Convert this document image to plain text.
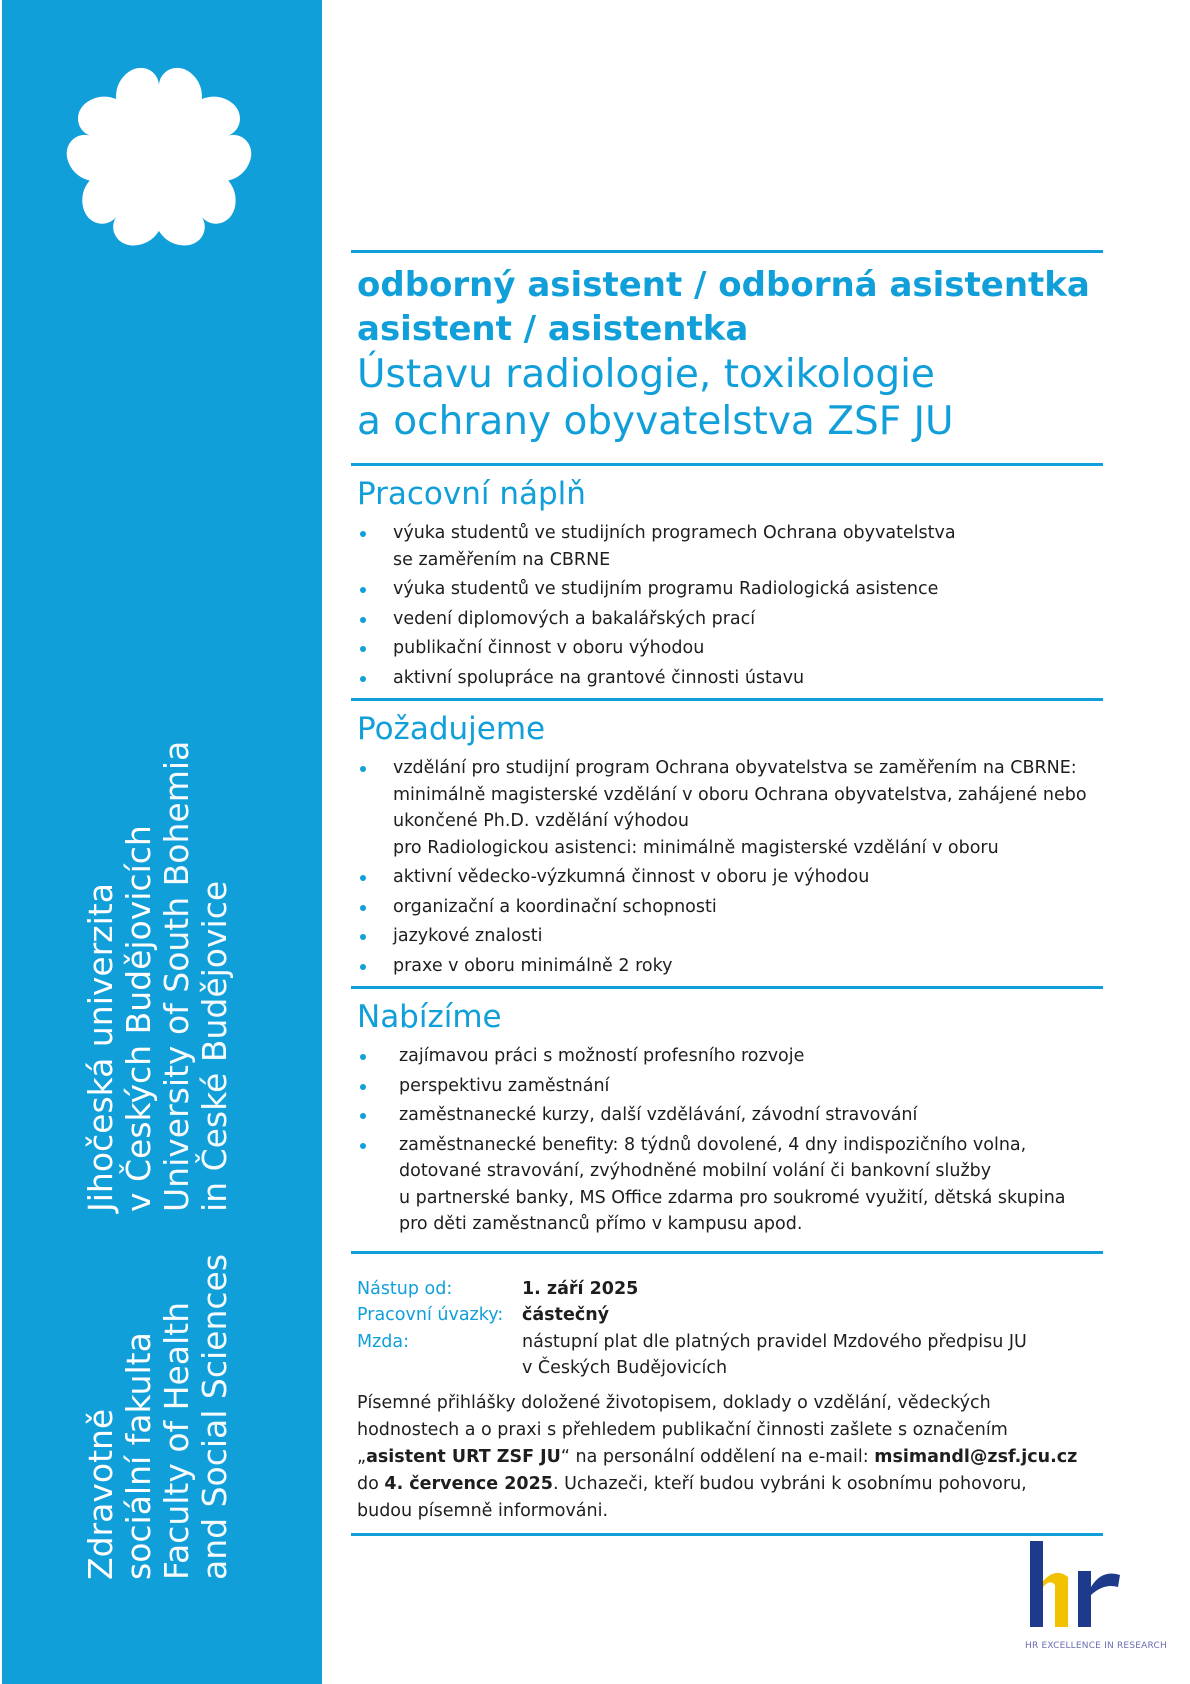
Zdravotně sociální fakulta Faculty of Health and Social Sciences
Jihočeská univerzita v Českých Budějovicích University of South Bohemia in České Budějovice
odborný asistent / odborná asistentka
asistent / asistentka
Ústavu radiologie, toxikologie
a ochrany obyvatelstva ZSF JU
Pracovní náplň
výuka studentů ve studijních programech Ochrana obyvatelstva
se zaměřením na CBRNE
výuka studentů ve studijním programu Radiologická asistence
vedení diplomových a bakalářských prací
publikační činnost v oboru výhodou
aktivní spolupráce na grantové činnosti ústavu
Požadujeme
vzdělání pro studijní program Ochrana obyvatelstva se zaměřením na CBRNE:
minimálně magisterské vzdělání v oboru Ochrana obyvatelstva, zahájené nebo
ukončené Ph.D. vzdělání výhodou
pro Radiologickou asistenci: minimálně magisterské vzdělání v oboru
aktivní vědecko-výzkumná činnost v oboru je výhodou
organizační a koordinační schopnosti
jazykové znalosti
praxe v oboru minimálně 2 roky
Nabízíme
zajímavou práci s možností profesního rozvoje
perspektivu zaměstnání
zaměstnanecké kurzy, další vzdělávání, závodní stravování
zaměstnanecké benefity: 8 týdnů dovolené, 4 dny indispozičního volna,
dotované stravování, zvýhodněné mobilní volání či bankovní služby
u partnerské banky, MS Office zdarma pro soukromé využití, dětská skupina
pro děti zaměstnanců přímo v kampusu apod.
Nástup od:	1. září 2025
Pracovní úvazky:	částečný
Mzda:	nástupní plat dle platných pravidel Mzdového předpisu JU
v Českých Budějovicích
Písemné přihlášky doložené životopisem, doklady o vzdělání, vědeckých
hodnostech a o praxi s přehledem publikační činnosti zašlete s označením
„asistent URT ZSF JU“ na personální oddělení na e-mail: msimandl@zsf.jcu.cz
do 4. července 2025. Uchazeči, kteří budou vybráni k osobnímu pohovoru,
budou písemně informováni.
HR EXCELLENCE IN RESEARCH
